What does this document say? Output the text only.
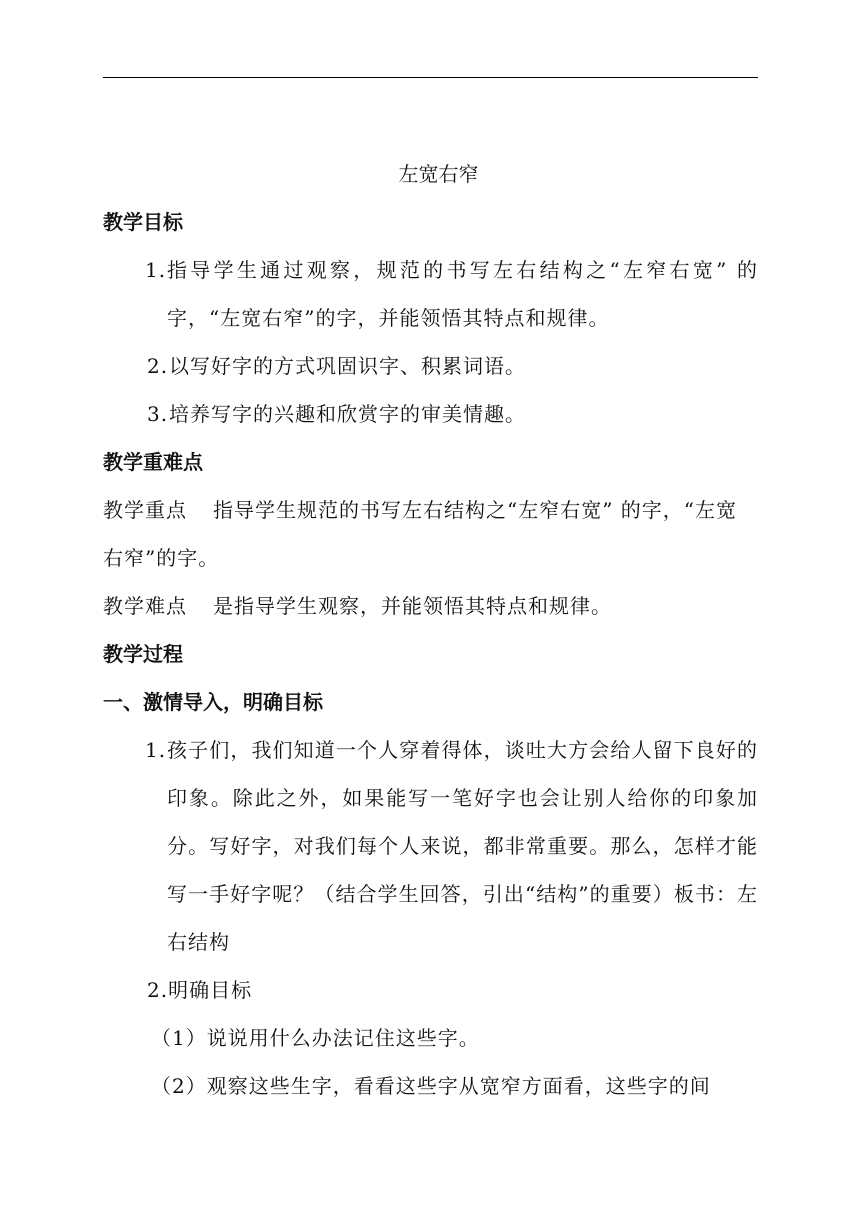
左宽右窄

教学目标

1. 指导学生通过观察，规范的书写左右结构之“左窄右宽” 的字，“左宽右窄”的字，并能领悟其特点和规律。
2. 以写好字的方式巩固识字、积累词语。
3. 培养写字的兴趣和欣赏字的审美情趣。

教学重难点

教学重点 指导学生规范的书写左右结构之“左窄右宽” 的字，“左宽右窄”的字。

教学难点 是指导学生观察，并能领悟其特点和规律。

教学过程

一、激情导入，明确目标

1. 孩子们，我们知道一个人穿着得体，谈吐大方会给人留下良好的印象。除此之外，如果能写一笔好字也会让别人给你的印象加分。写好字，对我们每个人来说，都非常重要。那么，怎样才能写一手好字呢？（结合学生回答，引出“结构”的重要）板书：左右结构

2.明确目标

（1）说说用什么办法记住这些字。

（2）观察这些生字，看看这些字从宽窄方面看，这些字的间
